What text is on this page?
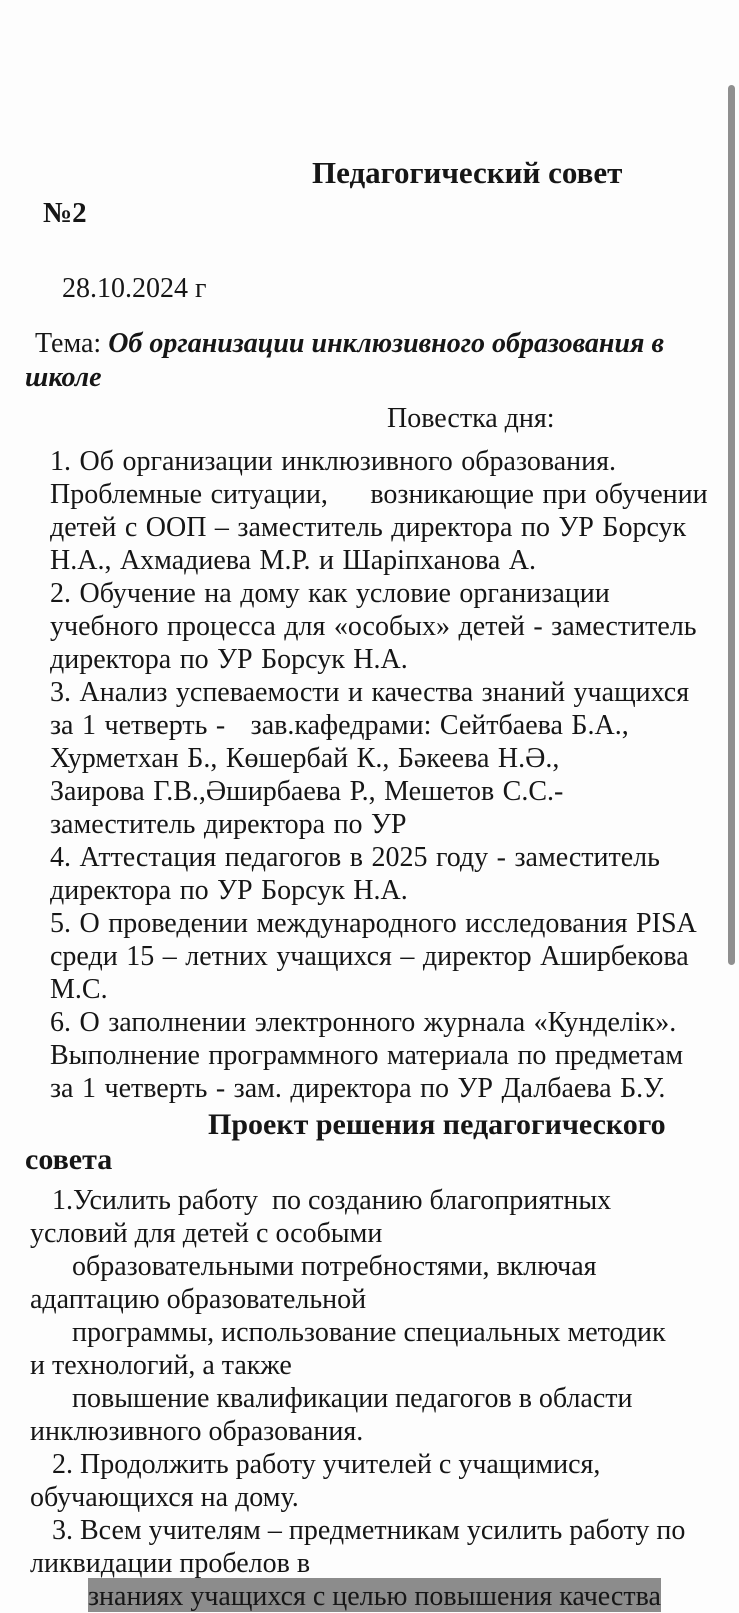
Педагогический совет
№2

28.10.2024 г

Тема: Об организации инклюзивного образования в
школе

Повестка дня:

1. Об организации инклюзивного образования.
Проблемные ситуации,     возникающие при обучении
детей с ООП – заместитель директора по УР Борсук
Н.А., Ахмадиева М.Р. и Шаріпханова А.
2. Обучение на дому как условие организации
учебного процесса для «особых» детей - заместитель
директора по УР Борсук Н.А.
3. Анализ успеваемости и качества знаний учащихся
за 1 четверть -   зав.кафедрами: Сейтбаева Б.А.,
Хурметхан Б., Көшербай К., Бәкеева Н.Ә.,
Заирова Г.В.,Әширбаева Р., Мешетов С.С.-
заместитель директора по УР
4. Аттестация педагогов в 2025 году - заместитель
директора по УР Борсук Н.А.
5. О проведении международного исследования PISA
среди 15 – летних учащихся – директор Аширбекова
М.С.
6. О заполнении электронного журнала «Кунделік».
Выполнение программного материала по предметам
за 1 четверть - зам. директора по УР Далбаева Б.У.

Проект решения педагогического
совета

1.Усилить работу  по созданию благоприятных
условий для детей с особыми
образовательными потребностями, включая
адаптацию образовательной
программы, использование специальных методик
и технологий, а также
повышение квалификации педагогов в области
инклюзивного образования.
2. Продолжить работу учителей с учащимися,
обучающихся на дому.
3. Всем учителям – предметникам усилить работу по
ликвидации пробелов в
знаниях учащихся с целью повышения качества
